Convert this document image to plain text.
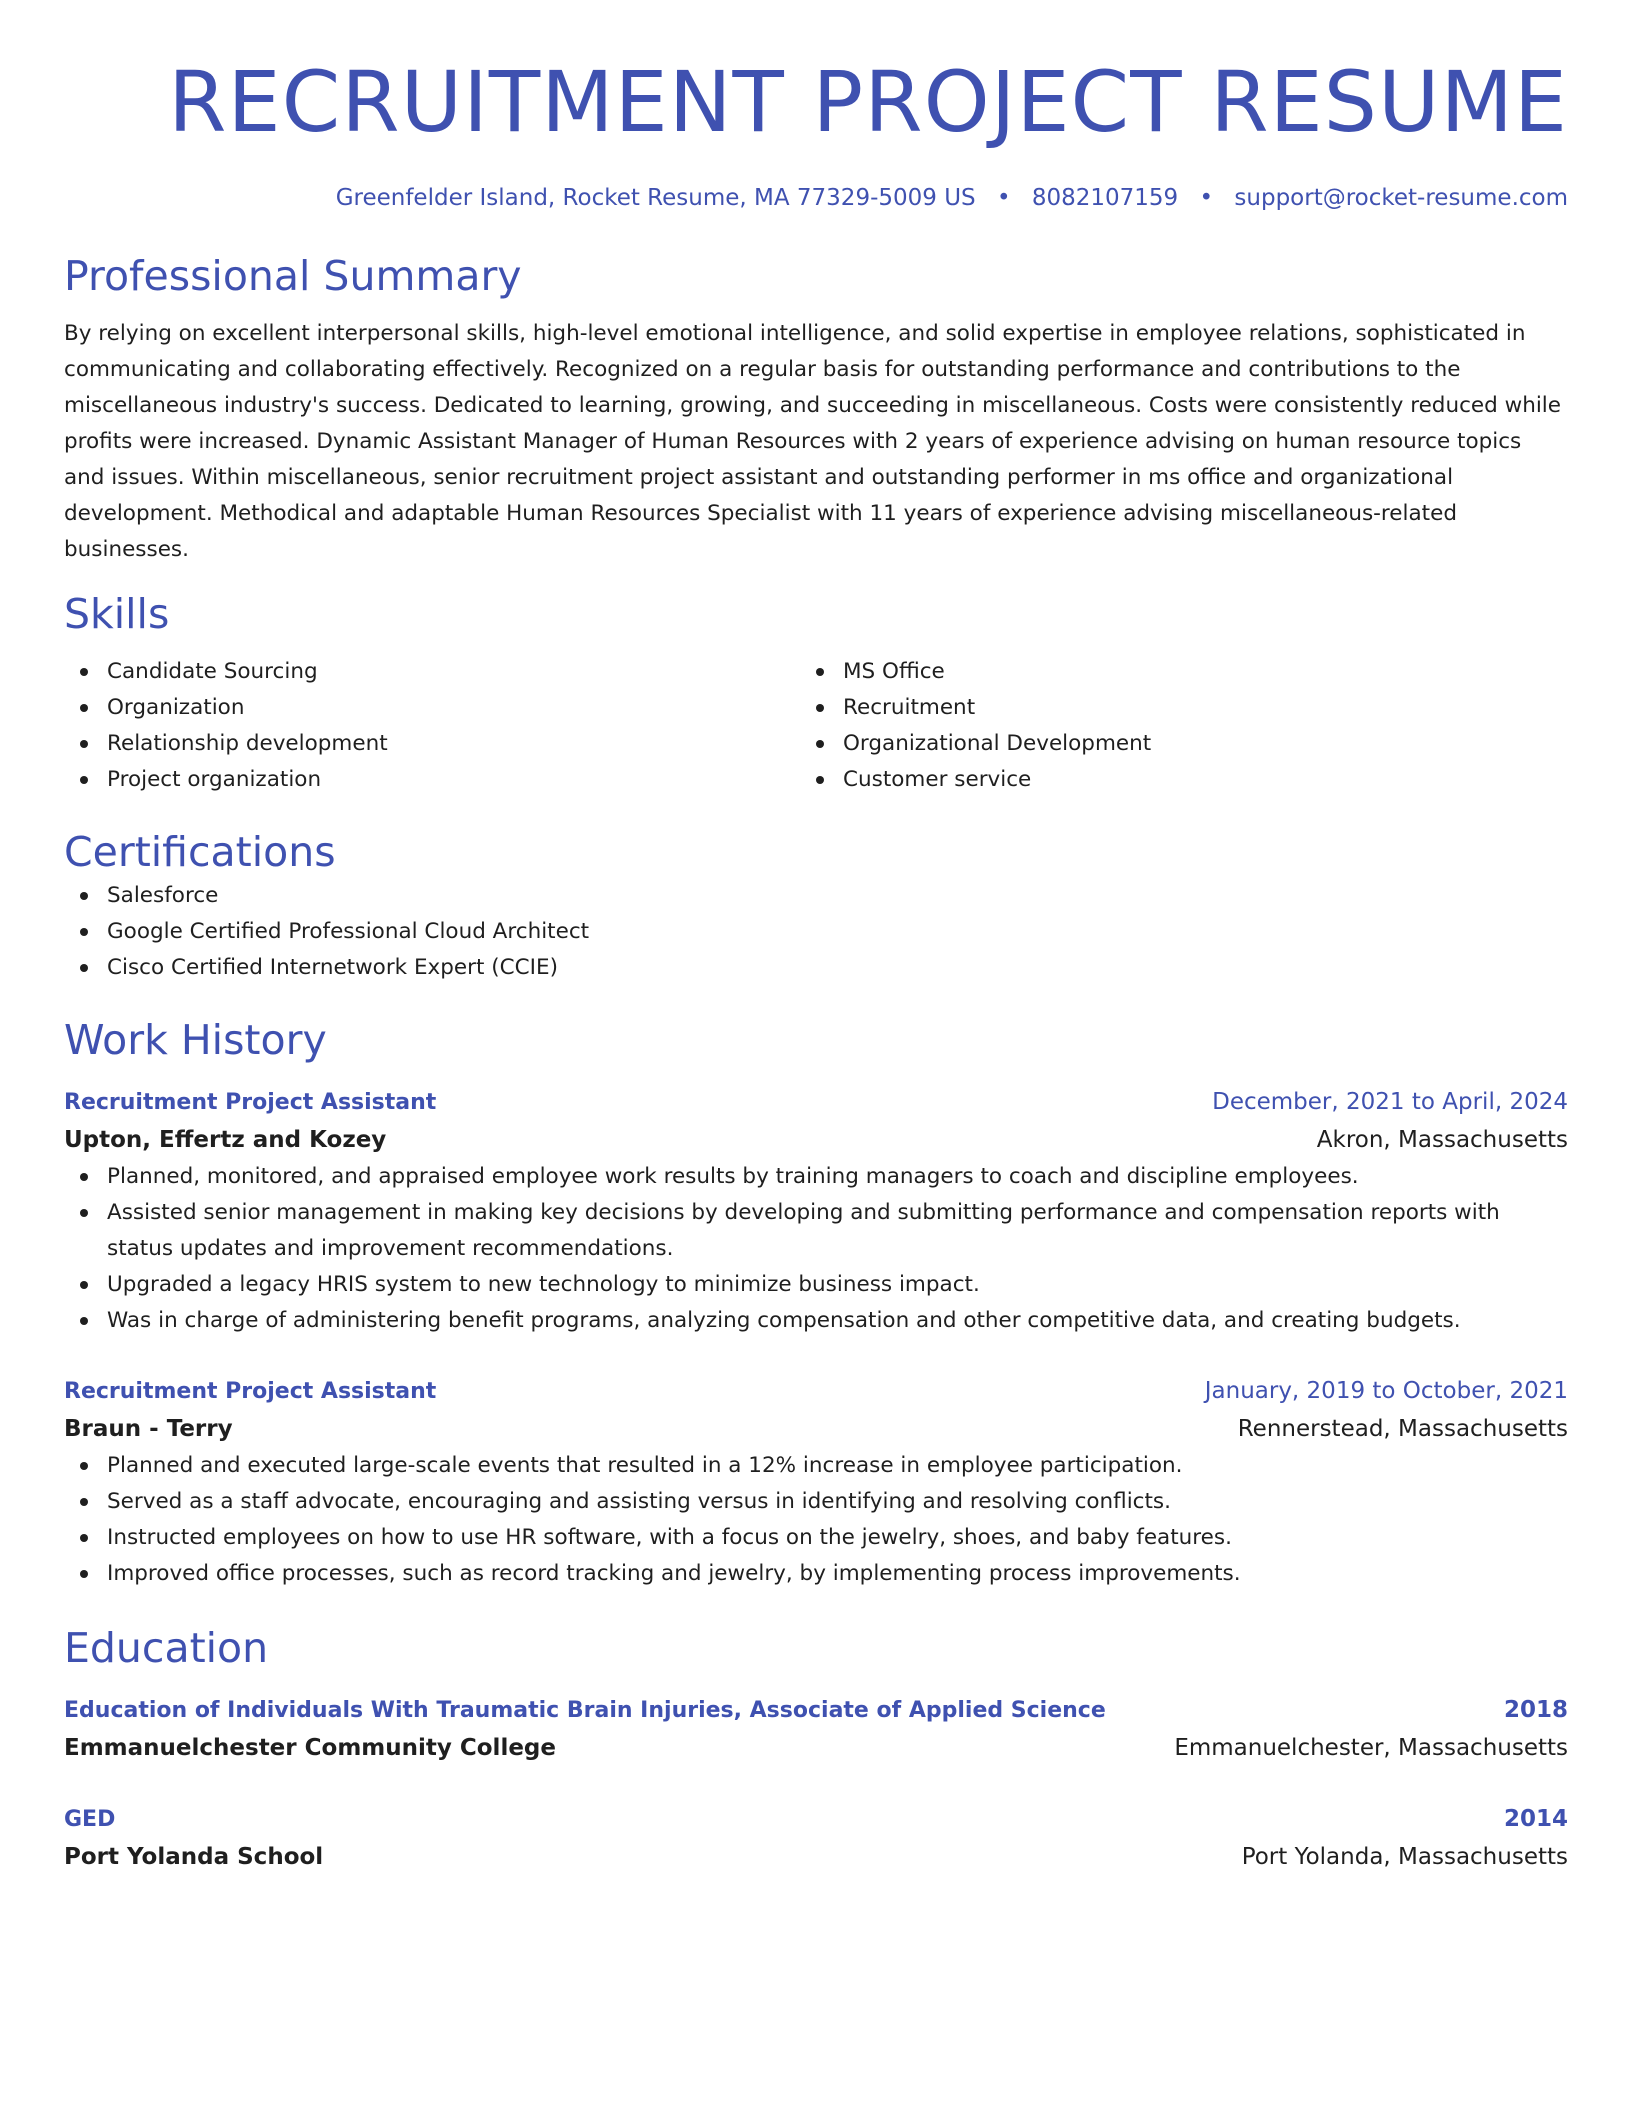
RECRUITMENT PROJECT RESUME
Greenfelder Island, Rocket Resume, MA 77329-5009 US • 8082107159 • support@rocket-resume.com
Professional Summary

By relying on excellent interpersonal skills, high-level emotional intelligence, and solid expertise in employee relations, sophisticated in communicating and collaborating effectively. Recognized on a regular basis for outstanding performance and contributions to the miscellaneous industry's success. Dedicated to learning, growing, and succeeding in miscellaneous. Costs were consistently reduced while profits were increased. Dynamic Assistant Manager of Human Resources with 2 years of experience advising on human resource topics and issues. Within miscellaneous, senior recruitment project assistant and outstanding performer in ms office and organizational development. Methodical and adaptable Human Resources Specialist with 11 years of experience advising miscellaneous-related businesses.

Skills
Candidate Sourcing
Organization
Relationship development
Project organization
MS Office
Recruitment
Organizational Development
Customer service
Certifications
Salesforce
Google Certified Professional Cloud Architect
Cisco Certified Internetwork Expert (CCIE)
Work History
Recruitment Project Assistant	December, 2021 to April, 2024
Upton, Effertz and Kozey	Akron, Massachusetts
Planned, monitored, and appraised employee work results by training managers to coach and discipline employees.
Assisted senior management in making key decisions by developing and submitting performance and compensation reports with status updates and improvement recommendations.
Upgraded a legacy HRIS system to new technology to minimize business impact.
Was in charge of administering benefit programs, analyzing compensation and other competitive data, and creating budgets.
Recruitment Project Assistant	January, 2019 to October, 2021
Braun - Terry	Rennerstead, Massachusetts
Planned and executed large-scale events that resulted in a 12% increase in employee participation.
Served as a staff advocate, encouraging and assisting versus in identifying and resolving conflicts.
Instructed employees on how to use HR software, with a focus on the jewelry, shoes, and baby features.
Improved office processes, such as record tracking and jewelry, by implementing process improvements.
Education
Education of Individuals With Traumatic Brain Injuries, Associate of Applied Science	2018
Emmanuelchester Community College	Emmanuelchester, Massachusetts
GED	2014
Port Yolanda School	Port Yolanda, Massachusetts
